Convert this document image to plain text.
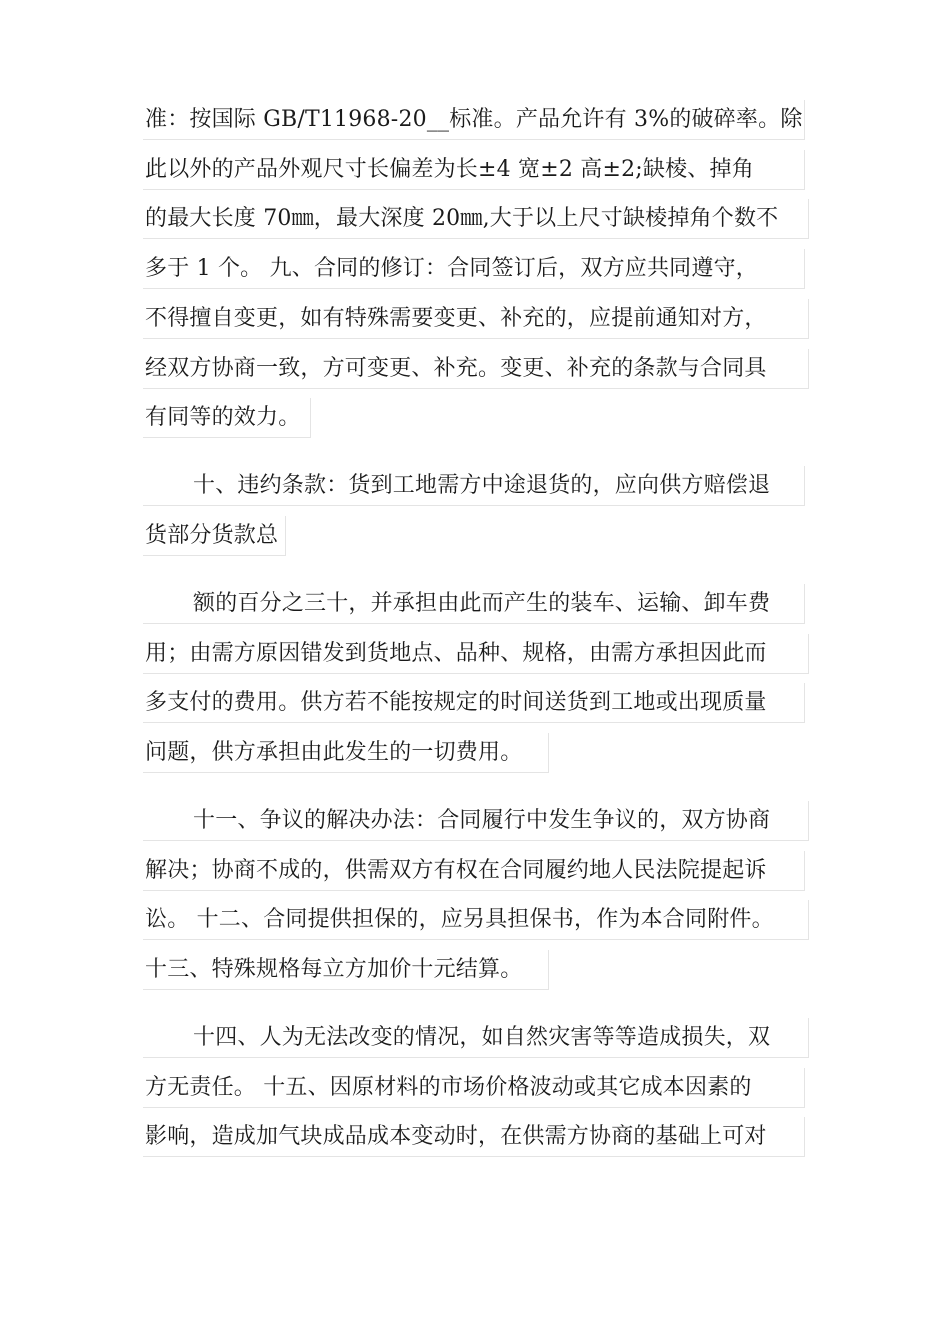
准：按国际 GB/T11968-20__标准。产品允许有 3%的破碎率。除
此以外的产品外观尺寸长偏差为长±4 宽±2 高±2;缺棱、掉角
的最大长度 70㎜，最大深度 20㎜,大于以上尺寸缺棱掉角个数不
多于 1 个。 九、合同的修订：合同签订后，双方应共同遵守，
不得擅自变更，如有特殊需要变更、补充的，应提前通知对方，
经双方协商一致，方可变更、补充。变更、补充的条款与合同具
有同等的效力。
十、违约条款：货到工地需方中途退货的，应向供方赔偿退
货部分货款总
额的百分之三十，并承担由此而产生的装车、运输、卸车费
用；由需方原因错发到货地点、品种、规格，由需方承担因此而
多支付的费用。供方若不能按规定的时间送货到工地或出现质量
问题，供方承担由此发生的一切费用。
十一、争议的解决办法：合同履行中发生争议的，双方协商
解决；协商不成的，供需双方有权在合同履约地人民法院提起诉
讼。 十二、合同提供担保的，应另具担保书，作为本合同附件。
十三、特殊规格每立方加价十元结算。
十四、人为无法改变的情况，如自然灾害等等造成损失，双
方无责任。 十五、因原材料的市场价格波动或其它成本因素的
影响，造成加气块成品成本变动时，在供需方协商的基础上可对
